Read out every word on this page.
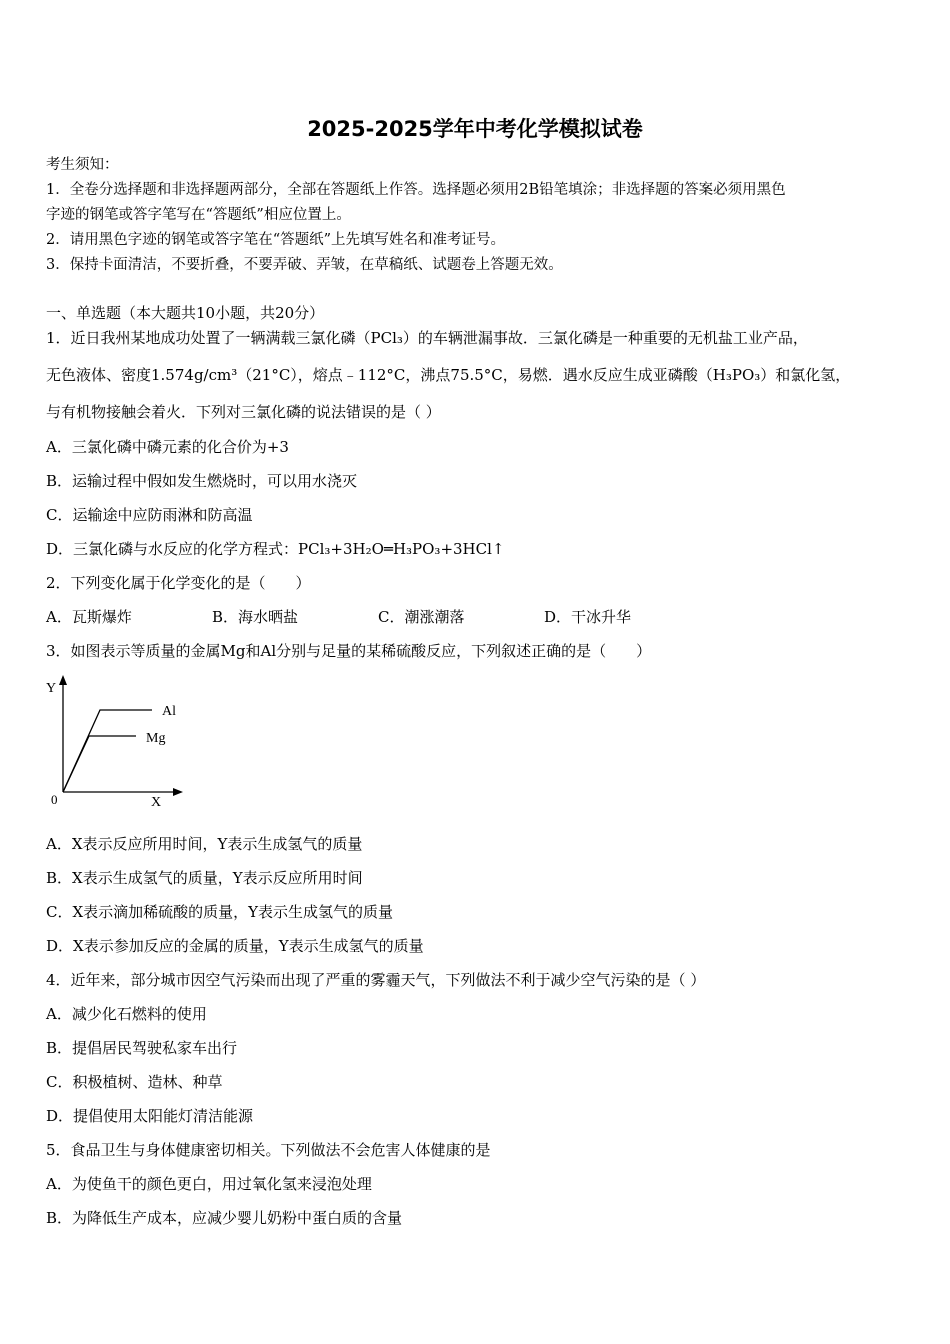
2025-2025学年中考化学模拟试卷
考生须知：
1．全卷分选择题和非选择题两部分，全部在答题纸上作答。选择题必须用2B铅笔填涂；非选择题的答案必须用黑色
字迹的钢笔或答字笔写在“答题纸”相应位置上。
2．请用黑色字迹的钢笔或答字笔在“答题纸”上先填写姓名和准考证号。
3．保持卡面清洁，不要折叠，不要弄破、弄皱，在草稿纸、试题卷上答题无效。
一、单选题（本大题共10小题，共20分）
1．近日我州某地成功处置了一辆满载三氯化磷（PCl₃）的车辆泄漏事故．三氯化磷是一种重要的无机盐工业产品，
无色液体、密度1.574g/cm³（21°C），熔点﹣112°C，沸点75.5°C，易燃．遇水反应生成亚磷酸（H₃PO₃）和氯化氢，
与有机物接触会着火．下列对三氯化磷的说法错误的是（ ）
A．三氯化磷中磷元素的化合价为+3
B．运输过程中假如发生燃烧时，可以用水浇灭
C．运输途中应防雨淋和防高温
D．三氯化磷与水反应的化学方程式：PCl₃+3H₂O═H₃PO₃+3HCl↑
2．下列变化属于化学变化的是（　　）
A．瓦斯爆炸	B．海水晒盐	C．潮涨潮落	D．干冰升华
3．如图表示等质量的金属Mg和Al分别与足量的某稀硫酸反应，下列叙述正确的是（　　）
Y
X
0
Al
Mg
A．X表示反应所用时间，Y表示生成氢气的质量
B．X表示生成氢气的质量，Y表示反应所用时间
C．X表示滴加稀硫酸的质量，Y表示生成氢气的质量
D．X表示参加反应的金属的质量，Y表示生成氢气的质量
4．近年来，部分城市因空气污染而出现了严重的雾霾天气，下列做法不利于减少空气污染的是（ ）
A．减少化石燃料的使用
B．提倡居民驾驶私家车出行
C．积极植树、造林、种草
D．提倡使用太阳能灯清洁能源
5．食品卫生与身体健康密切相关。下列做法不会危害人体健康的是
A．为使鱼干的颜色更白，用过氧化氢来浸泡处理
B．为降低生产成本，应减少婴儿奶粉中蛋白质的含量
